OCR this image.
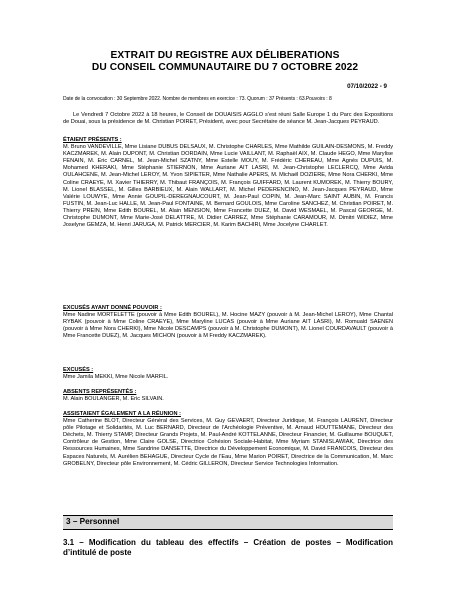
EXTRAIT DU REGISTRE AUX DÉLIBERATIONS
DU CONSEIL COMMUNAUTAIRE DU 7 OCTOBRE 2022
07/10/2022 - 9
Date de la convocation : 30 Septembre 2022. Nombre de membres en exercice : 73. Quorum : 37 Présents : 63.Pouvoirs : 8

Le Vendredi 7 Octobre 2022 à 18 heures, le Conseil de DOUAISIS AGGLO s’est réuni Salle Europe 1 du Parc des Expositions de Douai, sous la présidence de M. Christian POIRET, Président, avec pour Secrétaire de séance M. Jean-Jacques PEYRAUD.

ÉTAIENT PRÉSENTS :
M. Bruno VANDEVILLE, Mme Lisiane DUBUS DELSAUX, M. Christophe CHARLES, Mme Mathilde GUILAIN-DESMONS, M. Freddy KACZMAREK, M. Alain DUPONT, M. Christian DORDAIN, Mme Lucie VAILLANT, M. Raphaël AIX, M. Claude HEGO, Mme Marylise FENAIN, M. Eric CARNEL, M. Jean-Michel SZATNY, Mme Estelle MOUY, M. Frédéric CHEREAU, Mme Agnès DUPUIS, M. Mohamed KHERAKI, Mme Stéphanie STIERNON, Mme Auriane AIT LASRI, M. Jean-Christophe LECLERCQ, Mme Avida OULAHCENE, M. Jean-Michel LEROY, M. Yvon SIPIETER, Mme Nathalie APERS, M. Michaël DOZIERE, Mme Nora CHERKI, Mme Coline CRAEYE, M. Xavier THIERRY, M. Thibaut FRANÇOIS, M. François GUIFFARD, M. Laurent KUMOREK, M. Thierry BOURY, M. Lionel BLASSEL, M. Gilles BARBIEUX, M. Alain WALLART, M. Michel PEDERENCINO, M. Jean-Jacques PEYRAUD, Mme Valérie LOUWYE, Mme Annie GOUPIL-DEREGNAUCOURT, M. Jean-Paul COPIN, M. Jean-Marc SAINT AUBIN, M. Francis FUSTIN, M. Jean-Luc HALLE, M. Jean-Paul FONTAINE, M. Bernard GOULOIS, Mme Caroline SANCHEZ, M. Christian POIRET, M. Thierry PREIN, Mme Edith BOUREL, M. Alain MENSION, Mme Francette DUEZ, M. David WESMAEL, M. Pascal GEORGE, M. Christophe DUMONT, Mme Marie-José DELATTRE, M. Didier CARREZ, Mme Stéphanie CARAMOUR, M. Dimitri WIDIEZ, Mme Joselyne GEMZA, M. Henri JARUGA, M. Patrick MERCIER, M. Karim BACHIRI, Mme Jocelyne CHARLET.
EXCUSÉS AYANT DONNÉ POUVOIR :
Mme Nadine MORTELETTE (pouvoir à Mme Edith BOUREL), M. Hocine MAZY (pouvoir à M. Jean-Michel LEROY), Mme Chantal RYBAK (pouvoir à Mme Coline CRAEYE), Mme Maryline LUCAS (pouvoir à Mme Auriane AIT LASRI), M. Romuald SAENEN (pouvoir à Mme Nora CHERKI), Mme Nicole DESCAMPS (pouvoir à M. Christophe DUMONT), M. Lionel COURDAVAULT (pouvoir à Mme Francette DUEZ), M. Jacques MICHON (pouvoir à M Freddy KACZMAREK).
EXCUSÉS :
Mme Jamila MEKKI, Mme Nicole MARFIL.
ABSENTS REPRÉSENTÉS :
M. Alain BOULANGER, M. Eric SILVAIN.
ASSISTAIENT ÉGALEMENT A LA RÉUNION :
Mme Catherine BLOT, Directeur Général des Services, M. Guy GEVAERT, Directeur Juridique, M. François LAURENT, Directeur pôle Pilotage et Solidarités, M. Luc BERNARD, Directeur de l’Archéologie Préventive, M. Arnaud HOUTTEMANE, Directeur des Déchets, M. Thierry STAMP, Directeur Grands Projets, M. Paul-André KOTTELANNE, Directeur Financier, M. Guillaume BOUQUET, Contrôleur de Gestion, Mme Claire GOLSE, Directrice Cohésion Sociale-Habitat, Mme Myriam STANISLAWIAK, Directrice des Ressources Humaines, Mme Sandrine DANSETTE, Directrice du Développement Economique, M. David FRANCOIS, Directeur des Espaces Naturels, M. Aurélien BEHAGUE, Directeur Cycle de l’Eau, Mme Marion POIRET, Directrice de la Communication, M. Marc GROBELNY, Directeur pôle Environnement, M. Cédric GILLERON, Directeur Service Technologies Information.
3 – Personnel
3.1 – Modification du tableau des effectifs – Création de postes – Modification d’intitulé de poste
